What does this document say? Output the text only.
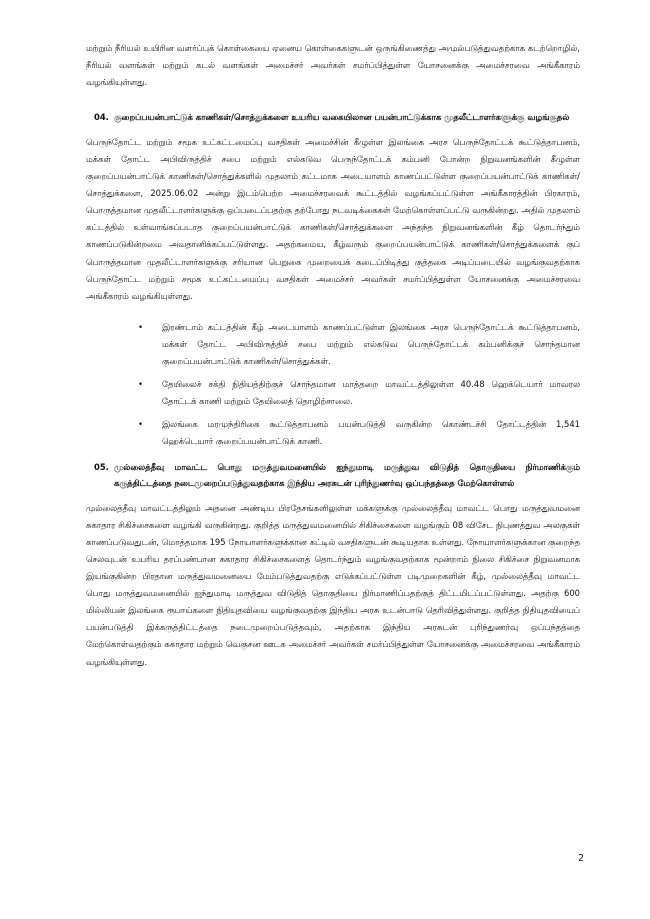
மற்றும் நீரியல் உயிரின வளர்ப்புக் கொள்கையை ஏனைய கொள்கைகளுடன் ஒருங்கிணைத்து அமுல்படுத்துவதற்காக கடற்றொழில், நீரியல் வளங்கள் மற்றும் கடல் வளங்கள் அமைச்சர் அவர்கள் சமர்ப்பித்துள்ள யோசனைக்கு அமைச்சரவை அங்கீகாரம் வழங்கியுள்ளது.

04. குறைப்பயன்பாட்டுக் காணிகள்/சொத்துக்களை உயரிய வகையிலான பயன்பாட்டுக்காக முதலீட்டாளர்களுக்கு வழங்குதல்

பெருந்தோட்ட மற்றும் சமூக உட்கட்டமைப்பு வசதிகள் அமைச்சின் கீழுள்ள இலங்கை அரச பெருந்தோட்டக் கூட்டுத்தாபனம், மக்கள் தோட்ட அபிவிருத்திச் சபை மற்றும் எல்கடுவ பெருந்தோட்டக் கம்பனி போன்ற நிறுவனங்களின் கீழுள்ள குறைப்பயன்பாட்டுக் காணிகள்/சொத்துக்களில் முதலாம் கட்டமாக அடையாளம் காணப்பட்டுள்ள குறைப்பயன்பாட்டுக் காணிகள்/சொத்துக்களை, 2025.06.02 அன்று இடம்பெற்ற அமைச்சரவைக் கூட்டத்தில் வழங்கப்பட்டுள்ள அங்கீகாரத்தின் பிரகாரம், பொருத்தமான முதலீட்டாளர்களுக்கு ஒப்படைப்பதற்கு தற்போது நடவடிக்கைகள் மேற்கொள்ளப்பட்டு வருகின்றது. அதில் முதலாம் கட்டத்தில் உள்வாங்கப்படாத குறைப்பயன்பாட்டுக் காணிகள்/சொத்துக்களை அந்தந்த நிறுவனங்களின் கீழ் தொடர்ந்தும் காணப்படுகின்றமை அவதானிக்கப்பட்டுள்ளது. அதற்கமைய, கீழ்வரும் குறைப்பயன்பாட்டுக் காணிகள்/சொத்துக்களைக் குப் பொருத்தமான முதலீட்டாளர்களுக்கு சரியான பெறுகை முறையைக் கடைப்பிடித்து குத்தகை அடிப்படையில் வழங்குவதற்காக பெருந்தோட்ட மற்றும் சமூக உட்கட்டமைப்பு வசதிகள் அமைச்சர் அவர்கள் சமர்ப்பித்துள்ள யோசனைக்கு அமைச்சரவை அங்கீகாரம் வழங்கியுள்ளது.

•	இரண்டாம் கட்டத்தின் கீழ் அடையாளம் காணப்பட்டுள்ள இலங்கை அரச பெருந்தோட்டக் கூட்டுத்தாபனம், மக்கள் தோட்ட அபிவிருத்திச் சபை மற்றும் எல்கடுவ பெருந்தோட்டக் கம்பனிக்குச் சொந்தமான குறைப்பயன்பாட்டுக் காணிகள்/சொத்துக்கள்.

•	தேயிலைச் சக்தி நிதியத்திற்குச் சொந்தமான மாத்தறை மாவட்டத்திலுள்ள 40.48 ஹெக்டெயார் மாவரல தோட்டக் காணி மற்றும் தேயிலைத் தொழிற்சாலை.

•	இலங்கை மரமுந்திரிகை கூட்டுத்தாபனம் பயன்படுத்தி வருகின்ற கொண்டச்சி தோட்டத்தின் 1,541 ஹெக்டெயார் குறைப்பயன்பாட்டுக் காணி.

05. முல்லைத்தீவு மாவட்ட பொது மருத்துவமனையில் ஐந்துமாடி மருத்துவ விடுதித் தொகுதியை நிர்மாணிக்கும் கருத்திட்டத்தை நடைமுறைப்படுத்துவதற்காக இந்திய அரசுடன் புரிந்துணர்வு ஒப்பந்தத்தை மேற்கொள்ளல்

முல்லைத்தீவு மாவட்டத்திலும் அதனை அண்டிய பிரதேசங்களிலுள்ள மக்களுக்கு முல்லைத்தீவு மாவட்ட பொது மருத்துவமனை சுகாதார சிகிச்சைகளை வழங்கி வருகின்றது. குறித்த மருத்துவமனையில் சிகிச்சைகளை வழங்கும் 08 விசேட நிபுணத்துவ அலகுகள் காணப்படுவதுடன், மொத்தமாக 195 நோயாளர்களுக்கான கட்டில் வசதிகளுடன் கூடியதாக உள்ளது. நோயாளர்களுக்கான குறைந்த செலவுடன் உயரிய தரப்பண்பான சுகாதார சிகிச்சைகளைத் தொடர்ந்தும் வழங்குவதற்காக மூன்றாம் நிலை சிகிச்சை நிறுவனமாக இயங்குகின்ற பிரதான மருத்துவமனையை மேம்படுத்துவதற்கு எடுக்கப்பட்டுள்ள படிமுறைகளின் கீழ், முல்லைத்தீவு மாவட்ட பொது மருத்துவமனையில் ஐந்துமாடி மருத்துவ விடுதித் தொகுதியை நிர்மாணிப்பதற்குத் திட்டமிடப்பட்டுள்ளது. அதற்கு 600 மில்லியன் இலங்கை ரூபாய்களை நிதியுதவியை வழங்குவதற்கு இந்திய அரசு உடன்பாடு தெரிவித்துள்ளது. குறித்த நிதியுதவியைப் பயன்படுத்தி இக்கருத்திட்டத்தை நடைமுறைப்படுத்தவும், அதற்காக இந்திய அரசுடன் புரிந்துணர்வு ஒப்பந்தத்தை மேற்கொள்வதற்கும் சுகாதார மற்றும் வெகுசன ஊடக அமைச்சர் அவர்கள் சமர்ப்பித்துள்ள யோசனைக்கு அமைச்சரவை அங்கீகாரம் வழங்கியுள்ளது.

2
